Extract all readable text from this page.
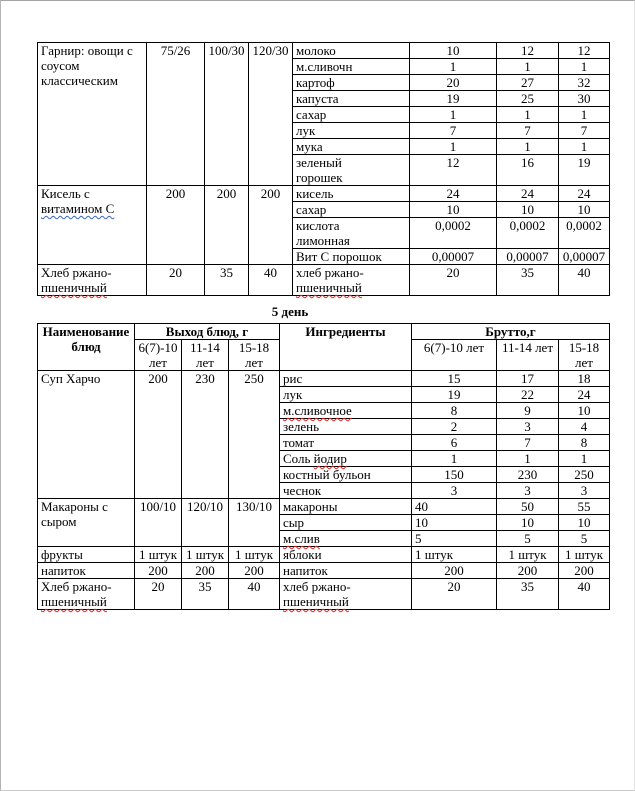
Гарнир: овощи с
соусом
классическим	75/26	100/30	120/30	молоко	10	12	12
				м.сливочн	1	1	1
				картоф	20	27	32
				капуста	19	25	30
				сахар	1	1	1
				лук	7	7	7
				мука	1	1	1
				зеленый
горошек	12	16	19
Кисель с
витамином С	200	200	200	кисель	24	24	24
				сахар	10	10	10
				кислота
лимонная	0,0002	0,0002	0,0002
				Вит С порошок	0,00007	0,00007	0,00007
Хлеб ржано-
пшеничный	20	35	40	хлеб ржано-
пшеничный	20	35	40
5 день
Наименование блюд	Выход блюд, г			Ингредиенты	Брутто,г		
	6(7)-10 лет	11-14 лет	15-18 лет		6(7)-10 лет	11-14 лет	15-18 лет
Суп Харчо	200	230	250	рис	15	17	18
				лук	19	22	24
				м.сливочное	8	9	10
				зелень	2	3	4
				томат	6	7	8
				Соль йодир	1	1	1
				костный бульон	150	230	250
				чеснок	3	3	3
Макароны с
сыром	100/10	120/10	130/10	макароны	40	50	55
				сыр	10	10	10
				м.слив	5	5	5
фрукты	1 штук	1 штук	1 штук	яблоки	1 штук	1 штук	1 штук
напиток	200	200	200	напиток	200	200	200
Хлеб ржано-
пшеничный	20	35	40	хлеб ржано-
пшеничный	20	35	40
